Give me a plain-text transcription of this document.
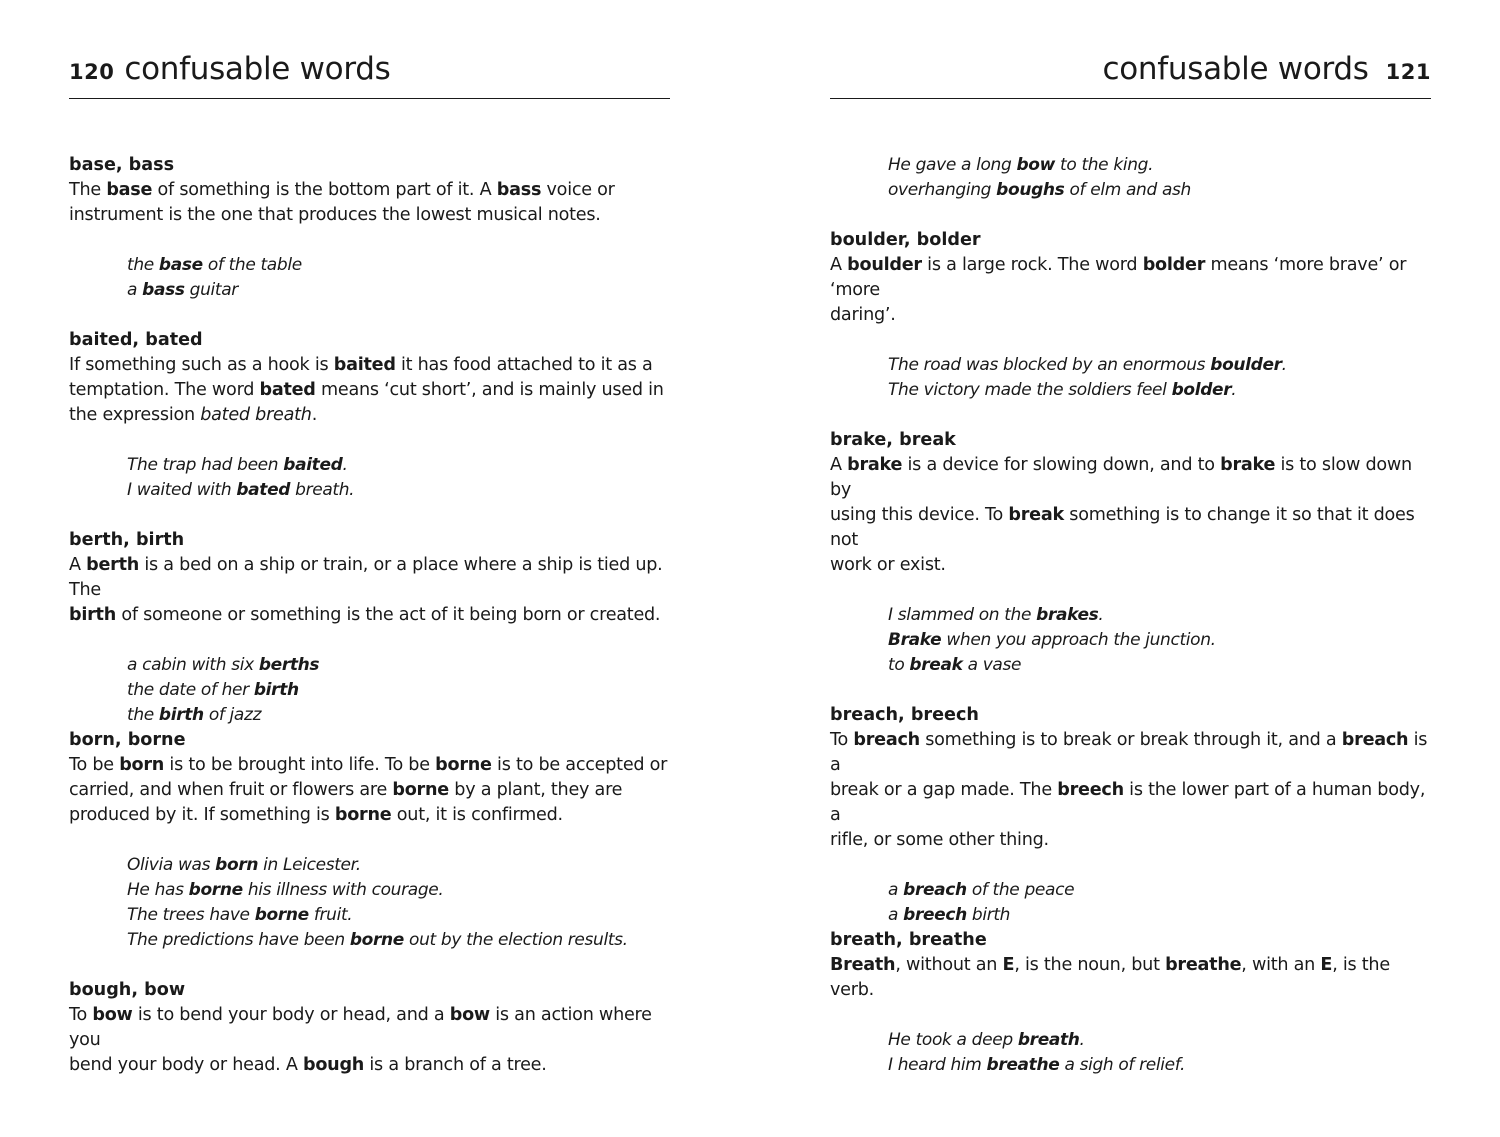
120 confusable words
base, bass
The base of something is the bottom part of it. A bass voice or
instrument is the one that produces the lowest musical notes.
the base of the table
a bass guitar
baited, bated
If something such as a hook is baited it has food attached to it as a
temptation. The word bated means ‘cut short’, and is mainly used in
the expression bated breath.
The trap had been baited.
I waited with bated breath.
berth, birth
A berth is a bed on a ship or train, or a place where a ship is tied up. The
birth of someone or something is the act of it being born or created.
a cabin with six berths
the date of her birth
the birth of jazz
born, borne
To be born is to be brought into life. To be borne is to be accepted or
carried, and when fruit or flowers are borne by a plant, they are
produced by it. If something is borne out, it is confirmed.
Olivia was born in Leicester.
He has borne his illness with courage.
The trees have borne fruit.
The predictions have been borne out by the election results.
bough, bow
To bow is to bend your body or head, and a bow is an action where you
bend your body or head. A bough is a branch of a tree.
confusable words 121
He gave a long bow to the king.
overhanging boughs of elm and ash
boulder, bolder
A boulder is a large rock. The word bolder means ‘more brave’ or ‘more
daring’.
The road was blocked by an enormous boulder.
The victory made the soldiers feel bolder.
brake, break
A brake is a device for slowing down, and to brake is to slow down by
using this device. To break something is to change it so that it does not
work or exist.
I slammed on the brakes.
Brake when you approach the junction.
to break a vase
breach, breech
To breach something is to break or break through it, and a breach is a
break or a gap made. The breech is the lower part of a human body, a
rifle, or some other thing.
a breach of the peace
a breech birth
breath, breathe
Breath, without an E, is the noun, but breathe, with an E, is the verb.
He took a deep breath.
I heard him breathe a sigh of relief.
